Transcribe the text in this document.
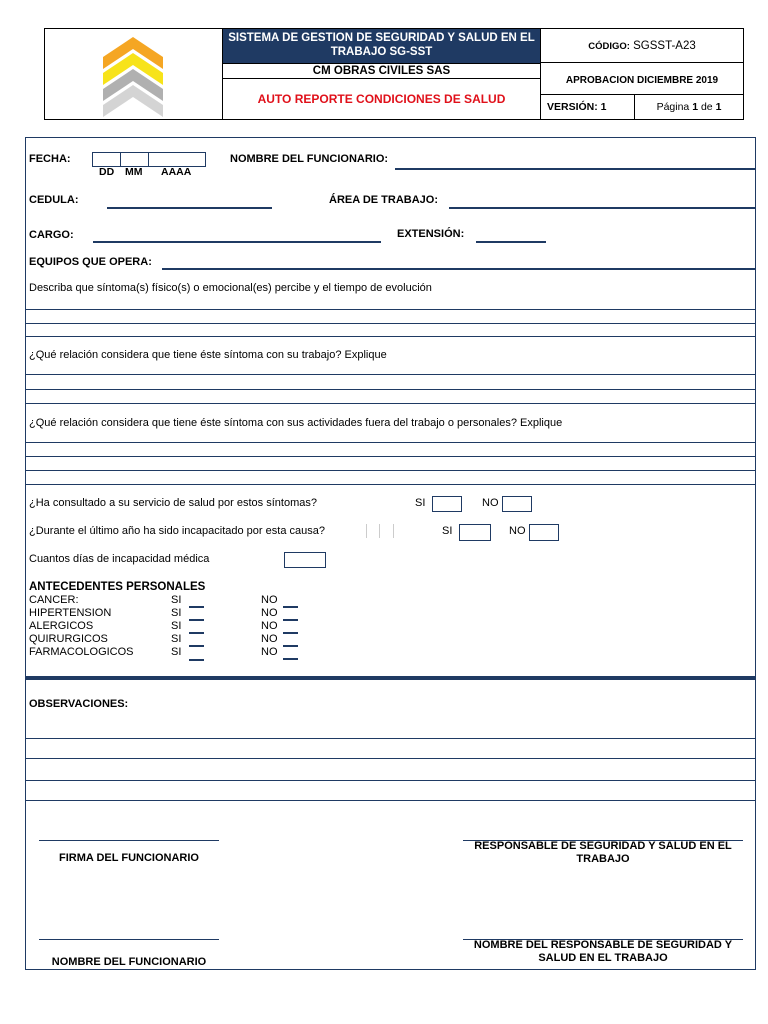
SISTEMA DE GESTION DE SEGURIDAD Y SALUD EN EL TRABAJO SG-SST
CM OBRAS CIVILES SAS
AUTO REPORTE CONDICIONES DE SALUD
CÓDIGO: SGSST-A23
APROBACION DICIEMBRE 2019
VERSIÓN: 1	Página 1 de 1
FECHA:
DD MM AAAA
NOMBRE DEL FUNCIONARIO:
CEDULA:	ÁREA DE TRABAJO:
CARGO:	EXTENSIÓN:
EQUIPOS QUE OPERA:
Describa que síntoma(s) físico(s) o emocional(es) percibe y el tiempo de evolución
¿Qué relación considera que tiene éste síntoma con su trabajo? Explique
¿Qué relación considera que tiene éste síntoma con sus actividades fuera del trabajo o personales? Explique
¿Ha consultado a su servicio de salud por estos síntomas?	SI	NO
¿Durante el último año ha sido incapacitado por esta causa?	SI	NO
Cuantos días de incapacidad médica
ANTECEDENTES PERSONALES
CANCER:	SI	NO
HIPERTENSION	SI	NO
ALERGICOS	SI	NO
QUIRURGICOS	SI	NO
FARMACOLOGICOS	SI	NO
OBSERVACIONES:
FIRMA DEL FUNCIONARIO
RESPONSABLE DE SEGURIDAD Y SALUD EN EL TRABAJO
NOMBRE DEL FUNCIONARIO
NOMBRE DEL RESPONSABLE DE SEGURIDAD Y SALUD EN EL TRABAJO
